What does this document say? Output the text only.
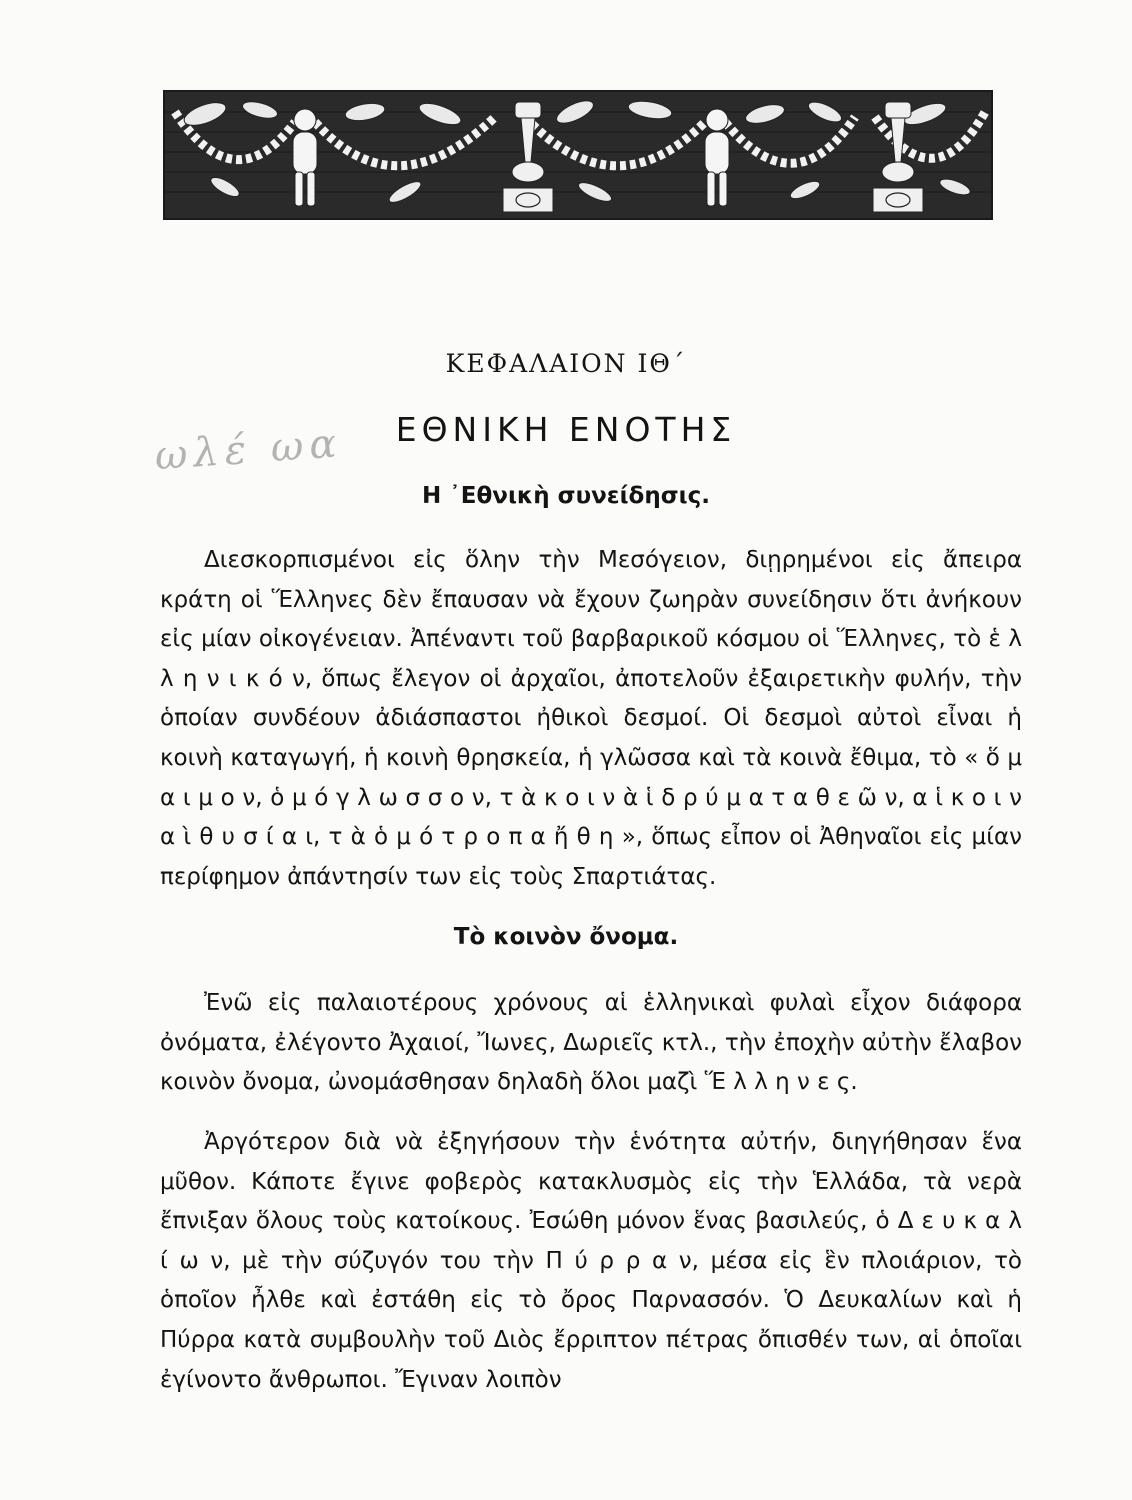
ωλέ ωα
ΚΕΦΑΛΑΙΟΝ ΙΘ΄
ΕΘΝΙΚΗ ΕΝΟΤΗΣ
Η ᾿Εθνικὴ συνείδησις.

Διεσκορπισμένοι εἰς ὅλην τὴν Μεσόγειον, διῃρημένοι εἰς ἄπειρα κράτη οἱ Ἕλληνες δὲν ἔπαυσαν νὰ ἔχουν ζωηρὰν συνείδησιν ὅτι ἀνήκουν εἰς μίαν οἰκογένειαν. Ἀπέναντι τοῦ βαρβαρικοῦ κόσμου οἱ Ἕλληνες, τὸ ἑ λ λ η ν ι κ ό ν, ὅπως ἔλεγον οἱ ἀρχαῖοι, ἀποτελοῦν ἐξαιρετικὴν φυλήν, τὴν ὁποίαν συνδέουν ἀδιάσπαστοι ἠθικοὶ δεσμοί. Οἱ δεσμοὶ αὐτοὶ εἶναι ἡ κοινὴ καταγωγή, ἡ κοινὴ θρησκεία, ἡ γλῶσσα καὶ τὰ κοινὰ ἔθιμα, τὸ « ὅ μ α ι μ ο ν, ὁ μ ό γ λ ω σ σ ο ν, τ ὰ κ ο ι ν ὰ ἱ δ ρ ύ μ α τ α θ ε ῶ ν, α ἱ κ ο ι ν α ὶ θ υ σ ί α ι, τ ὰ ὁ μ ό τ ρ ο π α ἤ θ η », ὅπως εἶπον οἱ Ἀθηναῖοι εἰς μίαν περίφημον ἀπάντησίν των εἰς τοὺς Σπαρτιάτας.

Τὸ κοινὸν ὄνομα.

Ἐνῶ εἰς παλαιοτέρους χρόνους αἱ ἑλληνικαὶ φυλαὶ εἶχον διάφορα ὀνόματα, ἐλέγοντο Ἀχαιοί, Ἴωνες, Δωριεῖς κτλ., τὴν ἐποχὴν αὐτὴν ἔλαβον κοινὸν ὄνομα, ὠνομάσθησαν δηλαδὴ ὅλοι μαζὶ Ἕ λ λ η ν ε ς.

Ἀργότερον διὰ νὰ ἐξηγήσουν τὴν ἑνότητα αὐτήν, διηγήθησαν ἕνα μῦθον. Κάποτε ἔγινε φοβερὸς κατακλυσμὸς εἰς τὴν Ἑλλάδα, τὰ νερὰ ἔπνιξαν ὅλους τοὺς κατοίκους. Ἐσώθη μόνον ἕνας βασιλεύς, ὁ Δ ε υ κ α λ ί ω ν, μὲ τὴν σύζυγόν του τὴν Π ύ ρ ρ α ν, μέσα εἰς ἓν πλοιάριον, τὸ ὁποῖον ἦλθε καὶ ἐστάθη εἰς τὸ ὄρος Παρνασσόν. Ὁ Δευκαλίων καὶ ἡ Πύρρα κατὰ συμβουλὴν τοῦ Διὸς ἔρριπτον πέτρας ὄπισθέν των, αἱ ὁποῖαι ἐγίνοντο ἄνθρωποι. Ἔγιναν λοιπὸν
